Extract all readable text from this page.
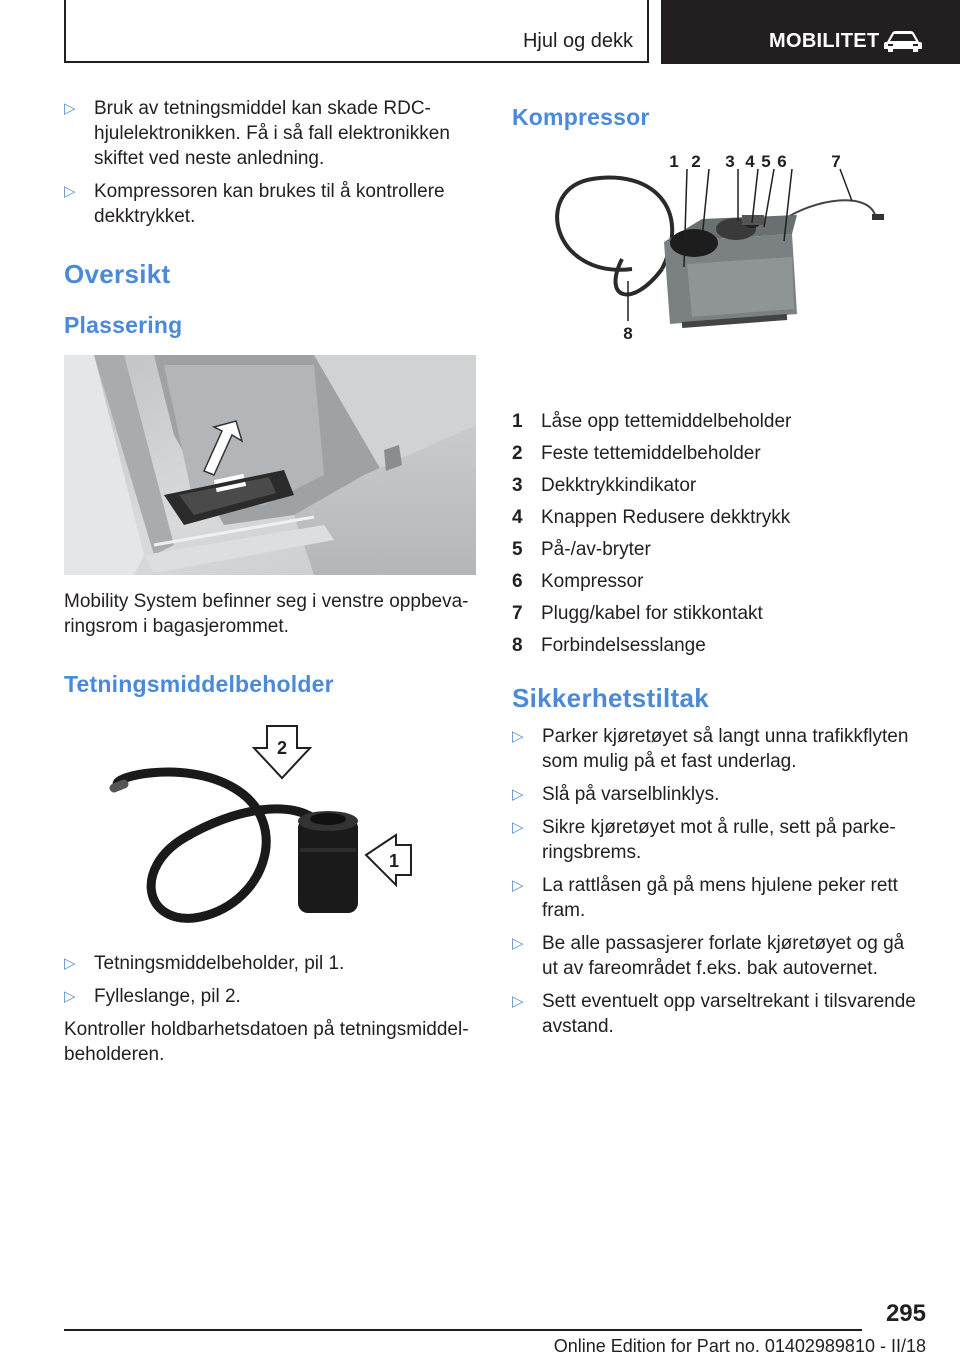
Hjul og dekk	MOBILITET
▷ Bruk av tetningsmiddel kan skade RDC-hjulelektronikken. Få i så fall elektronikken skiftet ved neste anledning.
▷ Kompressoren kan brukes til å kontrollere dekktrykket.
Oversikt
Plassering

Mobility System befinner seg i venstre oppbevaringsrom i bagasjerommet.

Tetningsmiddelbeholder
2
1
▷ Tetningsmiddelbeholder, pil 1.
▷ Fylleslange, pil 2.

Kontroller holdbarhetsdatoen på tetningsmiddelbeholderen.

Kompressor
1 2 3 4 5 6	7
8
1 Låse opp tettemiddelbeholder
2 Feste tettemiddelbeholder
3 Dekktrykkindikator
4 Knappen Redusere dekktrykk
5 På-/av-bryter
6 Kompressor
7 Plugg/kabel for stikkontakt
8 Forbindelsesslange
Sikkerhetstiltak
▷ Parker kjøretøyet så langt unna trafikkflyten som mulig på et fast underlag.
▷ Slå på varselblinklys.
▷ Sikre kjøretøyet mot å rulle, sett på parkeringsbrems.
▷ La rattlåsen gå på mens hjulene peker rett fram.
▷ Be alle passasjerer forlate kjøretøyet og gå ut av fareområdet f.eks. bak autovernet.
▷ Sett eventuelt opp varseltrekant i tilsvarende avstand.
295
Online Edition for Part no. 01402989810 - II/18
